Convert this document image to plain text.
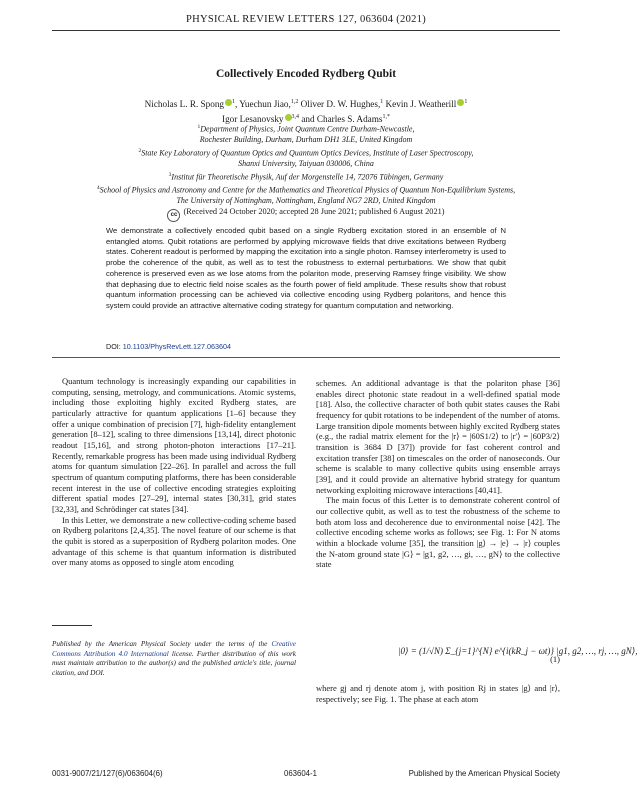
PHYSICAL REVIEW LETTERS 127, 063604 (2021)
Collectively Encoded Rydberg Qubit
Nicholas L. R. Spong $^1$, Yuechun Jiao,$^{1,2}$ Oliver D. W. Hughes,$^1$ Kevin J. Weatherill $^1$
Igor Lesanovsky $^{3,4}$ and Charles S. Adams$^{1,*}$
$^1$Department of Physics, Joint Quantum Centre Durham-Newcastle,
Rochester Building, Durham, Durham DH1 3LE, United Kingdom
$^2$State Key Laboratory of Quantum Optics and Quantum Optics Devices, Institute of Laser Spectroscopy,
Shanxi University, Taiyuan 030006, China
$^3$Institut für Theoretische Physik, Auf der Morgenstelle 14, 72076 Tübingen, Germany
$^4$School of Physics and Astronomy and Centre for the Mathematics and Theoretical Physics of Quantum Non-Equilibrium Systems,
The University of Nottingham, Nottingham, England NG7 2RD, United Kingdom
cc (Received 24 October 2020; accepted 28 June 2021; published 6 August 2021)
We demonstrate a collectively encoded qubit based on a single Rydberg excitation stored in an ensemble of N entangled atoms. Qubit rotations are performed by applying microwave fields that drive excitations between Rydberg states. Coherent readout is performed by mapping the excitation into a single photon. Ramsey interferometry is used to probe the coherence of the qubit, as well as to test the robustness to external perturbations. We show that qubit coherence is preserved even as we lose atoms from the polariton mode, preserving Ramsey fringe visibility. We show that dephasing due to electric field noise scales as the fourth power of field amplitude. These results show that robust quantum information processing can be achieved via collective encoding using Rydberg polaritons, and hence this system could provide an attractive alternative coding strategy for quantum computation and networking.
DOI: 10.1103/PhysRevLett.127.063604

Quantum technology is increasingly expanding our capabilities in computing, sensing, metrology, and communications. Atomic systems, including those exploiting highly excited Rydberg states, are particularly attractive for quantum applications [1–6] because they offer a unique combination of precision [7], high-fidelity entanglement generation [8–12], scaling to three dimensions [13,14], direct photonic readout [15,16], and strong photon-photon interactions [17–21]. Recently, remarkable progress has been made using individual Rydberg atoms for quantum simulation [22–26]. In parallel and across the full spectrum of quantum computing platforms, there has been considerable recent interest in the use of collective encoding strategies exploiting different spatial modes [27–29], internal states [30,31], grid states [32,33], and Schrödinger cat states [34].

In this Letter, we demonstrate a new collective-coding scheme based on Rydberg polaritons [2,4,35]. The novel feature of our scheme is that the qubit is stored as a superposition of Rydberg polariton modes. One advantage of this scheme is that quantum information is distributed over many atoms as opposed to single atom encoding

Published by the American Physical Society under the terms of the Creative Commons Attribution 4.0 International license. Further distribution of this work must maintain attribution to the author(s) and the published article's title, journal citation, and DOI.

schemes. An additional advantage is that the polariton phase [36] enables direct photonic state readout in a well-defined spatial mode [18]. Also, the collective character of both qubit states causes the Rabi frequency for qubit rotations to be independent of the number of atoms. Large transition dipole moments between highly excited Rydberg states (e.g., the radial matrix element for the |r⟩ = |60S1/2⟩ to |r′⟩ = |60P3/2⟩ transition is 3684 D [37]) provide for fast coherent control and excitation transfer [38] on timescales on the order of nanoseconds. Our scheme is scalable to many collective qubits using ensemble arrays [39], and it could provide an alternative hybrid strategy for quantum networking exploiting microwave interactions [40,41].

The main focus of this Letter is to demonstrate coherent control of our collective qubit, as well as to test the robustness of the scheme to both atom loss and decoherence due to environmental noise [42]. The collective encoding scheme works as follows; see Fig. 1: For N atoms within a blockade volume [35], the transition |g⟩ → |e⟩ → |r⟩ couples the N-atom ground state |G⟩ = |g1, g2, …, gi, …, gN⟩ to the collective state

|0⟩ = (1/√N) Σ_{j=1}^{N} e^{i(kR_j − ωt)} |g1, g2, …, rj, …, gN⟩,
(1)
where gj and rj denote atom j, with position Rj in states |g⟩ and |r⟩, respectively; see Fig. 1. The phase at each atom
0031-9007/21/127(6)/063604(6)	063604-1	Published by the American Physical Society
